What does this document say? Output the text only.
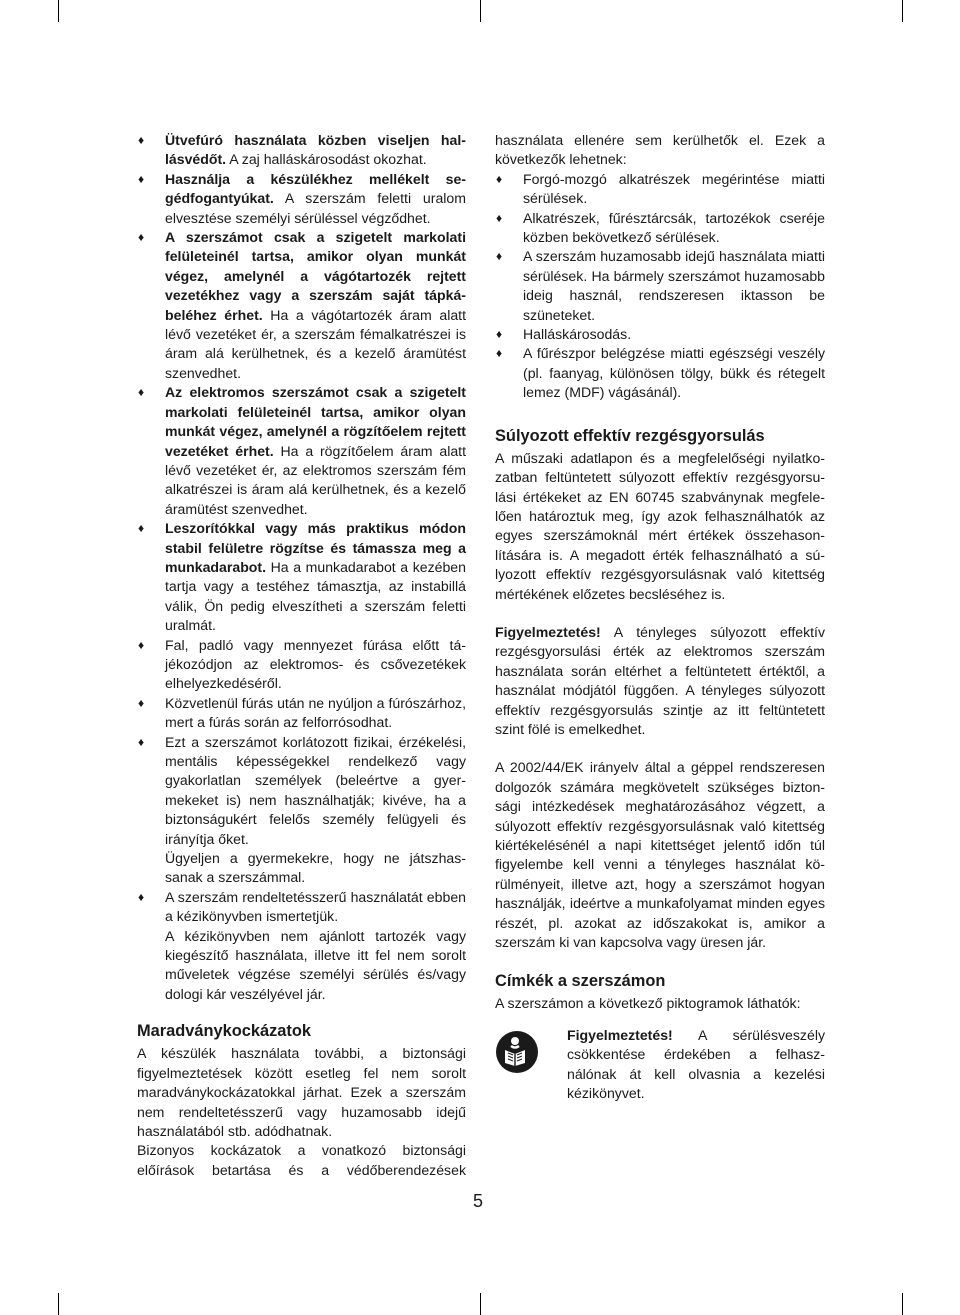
♦ Ütvefúró használata közben viseljen hallásvédőt. A zaj halláskárosodást okozhat.

♦ Használja a készülékhez mellékelt segédfogantyúkat. A szerszám feletti uralom elvesztése személyi sérüléssel végződhet.

♦ A szerszámot csak a szigetelt markolati felületeinél tartsa, amikor olyan munkát végez, amelynél a vágótartozék rejtett vezetékhez vagy a szerszám saját tápkábeléhez érhet. Ha a vágótartozék áram alatt lévő vezetéket ér, a szerszám fémalkatrészei is áram alá kerülhetnek, és a kezelő áramütést szenvedhet.

♦ Az elektromos szerszámot csak a szigetelt markolati felületeinél tartsa, amikor olyan munkát végez, amelynél a rögzítőelem rejtett vezetéket érhet. Ha a rögzítőelem áram alatt lévő vezetéket ér, az elektromos szerszám fém alkatrészei is áram alá kerülhetnek, és a kezelő áramütést szenvedhet.

♦ Leszorítókkal vagy más praktikus módon stabil felületre rögzítse és támassza meg a munkadarabot. Ha a munkadarabot a kezében tartja vagy a testéhez támasztja, az instabillá válik, Ön pedig elveszítheti a szerszám feletti uralmát.

♦ Fal, padló vagy mennyezet fúrása előtt tájékozódjon az elektromos- és csővezetékek elhelyezkedéséről.

♦ Közvetlenül fúrás után ne nyúljon a fúrószárhoz, mert a fúrás során az felforrósodhat.

♦ Ezt a szerszámot korlátozott fizikai, érzékelési, mentális képességekkel rendelkező vagy gyakorlatlan személyek (beleértve a gyermekeket is) nem használhatják; kivéve, ha a biztonságukért felelős személy felügyeli és irányítja őket.

Ügyeljen a gyermekekre, hogy ne játszhassanak a szerszámmal.

♦ A szerszám rendeltetésszerű használatát ebben a kézikönyvben ismertetjük.

A kézikönyvben nem ajánlott tartozék vagy kiegészítő használata, illetve itt fel nem sorolt műveletek végzése személyi sérülés és/vagy dologi kár veszélyével jár.

Maradványkockázatok

A készülék használata további, a biztonsági figyelmeztetések között esetleg fel nem sorolt maradványkockázatokkal járhat. Ezek a szerszám nem rendeltetésszerű vagy huzamosabb idejű használatából stb. adódhatnak.

Bizonyos kockázatok a vonatkozó biztonsági előírások betartása és a védőberendezések

használata ellenére sem kerülhetők el. Ezek a következők lehetnek:

♦ Forgó-mozgó alkatrészek megérintése miatti sérülések.

♦ Alkatrészek, fűrésztárcsák, tartozékok cseréje közben bekövetkező sérülések.

♦ A szerszám huzamosabb idejű használata miatti sérülések. Ha bármely szerszámot huzamosabb ideig használ, rendszeresen iktasson be szüneteket.

♦ Halláskárosodás.

♦ A fűrészpor belégzése miatti egészségi veszély (pl. faanyag, különösen tölgy, bükk és rétegelt lemez (MDF) vágásánál).

Súlyozott effektív rezgésgyorsulás

A műszaki adatlapon és a megfelelőségi nyilatkozatban feltüntetett súlyozott effektív rezgésgyorsulási értékeket az EN 60745 szabványnak megfelelően határoztuk meg, így azok felhasználhatók az egyes szerszámoknál mért értékek összehasonlítására is. A megadott érték felhasználható a súlyozott effektív rezgésgyorsulásnak való kitettség mértékének előzetes becsléséhez is.

Figyelmeztetés! A tényleges súlyozott effektív rezgésgyorsulási érték az elektromos szerszám használata során eltérhet a feltüntetett értéktől, a használat módjától függően. A tényleges súlyozott effektív rezgésgyorsulás szintje az itt feltüntetett szint fölé is emelkedhet.

A 2002/44/EK irányelv által a géppel rendszeresen dolgozók számára megkövetelt szükséges biztonsági intézkedések meghatározásához végzett, a súlyozott effektív rezgésgyorsulásnak való kitettség kiértékelésénél a napi kitettséget jelentő időn túl figyelembe kell venni a tényleges használat körülményeit, illetve azt, hogy a szerszámot hogyan használják, ideértve a munkafolyamat minden egyes részét, pl. azokat az időszakokat is, amikor a szerszám ki van kapcsolva vagy üresen jár.

Címkék a szerszámon

A szerszámon a következő piktogramok láthatók:

Figyelmeztetés! A sérülésveszély csökkentése érdekében a felhasználónak át kell olvasnia a kezelési kézikönyvet.

5
